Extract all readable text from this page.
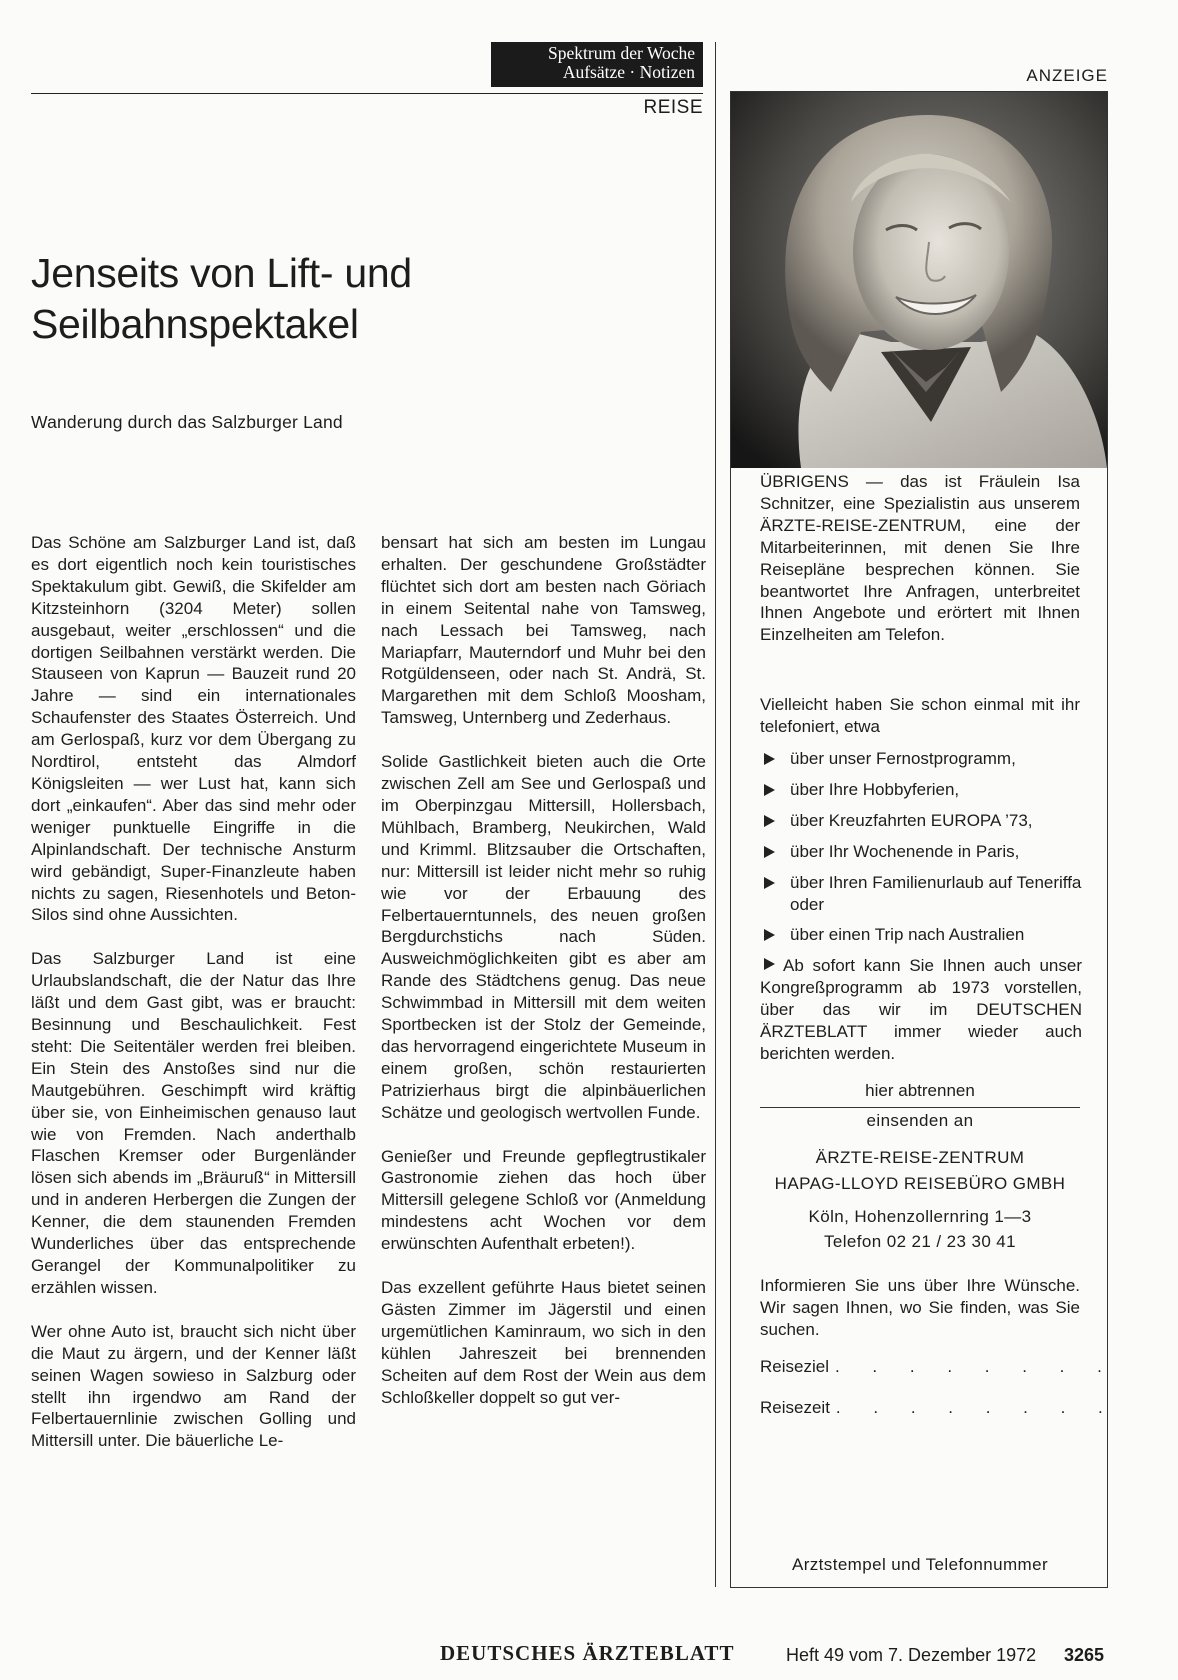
Spektrum der Woche
Aufsätze · Notizen
REISE
ANZEIGE
Jenseits von Lift- und
Seilbahnspektakel
Wanderung durch das Salzburger Land

Das Schöne am Salzburger Land ist, daß es dort eigentlich noch kein touristisches Spektakulum gibt. Gewiß, die Skifelder am Kitzsteinhorn (3204 Meter) sollen ausgebaut, weiter „erschlossen“ und die dortigen Seilbahnen verstärkt werden. Die Stauseen von Kaprun — Bauzeit rund 20 Jahre — sind ein internationales Schaufenster des Staates Österreich. Und am Gerlospaß, kurz vor dem Übergang zu Nordtirol, entsteht das Almdorf Königsleiten — wer Lust hat, kann sich dort „einkaufen“. Aber das sind mehr oder weniger punktuelle Eingriffe in die Alpinlandschaft. Der technische Ansturm wird gebändigt, Super-Finanzleute haben nichts zu sagen, Riesenhotels und Beton-Silos sind ohne Aussichten.

Das Salzburger Land ist eine Urlaubslandschaft, die der Natur das Ihre läßt und dem Gast gibt, was er braucht: Besinnung und Beschaulichkeit. Fest steht: Die Seitentäler werden frei bleiben. Ein Stein des Anstoßes sind nur die Mautgebühren. Geschimpft wird kräftig über sie, von Einheimischen genauso laut wie von Fremden. Nach anderthalb Flaschen Kremser oder Burgenländer lösen sich abends im „Bräuruß“ in Mittersill und in anderen Herbergen die Zungen der Kenner, die dem staunenden Fremden Wunderliches über das entsprechende Gerangel der Kommunalpolitiker zu erzählen wissen.

Wer ohne Auto ist, braucht sich nicht über die Maut zu ärgern, und der Kenner läßt seinen Wagen sowieso in Salzburg oder stellt ihn irgendwo am Rand der Felbertauernlinie zwischen Golling und Mittersill unter. Die bäuerliche Le-

bensart hat sich am besten im Lungau erhalten. Der geschundene Großstädter flüchtet sich dort am besten nach Göriach in einem Seitental nahe von Tamsweg, nach Lessach bei Tamsweg, nach Mariapfarr, Mauterndorf und Muhr bei den Rotgüldenseen, oder nach St. Andrä, St. Margarethen mit dem Schloß Moosham, Tamsweg, Unternberg und Zederhaus.

Solide Gastlichkeit bieten auch die Orte zwischen Zell am See und Gerlospaß und im Oberpinzgau Mittersill, Hollersbach, Mühlbach, Bramberg, Neukirchen, Wald und Krimml. Blitzsauber die Ortschaften, nur: Mittersill ist leider nicht mehr so ruhig wie vor der Erbauung des Felbertauerntunnels, des neuen großen Bergdurchstichs nach Süden. Ausweichmöglichkeiten gibt es aber am Rande des Städtchens genug. Das neue Schwimmbad in Mittersill mit dem weiten Sportbecken ist der Stolz der Gemeinde, das hervorragend eingerichtete Museum in einem großen, schön restaurierten Patrizierhaus birgt die alpinbäuerlichen Schätze und geologisch wertvollen Funde.

Genießer und Freunde gepflegtrustikaler Gastronomie ziehen das hoch über Mittersill gelegene Schloß vor (Anmeldung mindestens acht Wochen vor dem erwünschten Aufenthalt erbeten!).

Das exzellent geführte Haus bietet seinen Gästen Zimmer im Jägerstil und einen urgemütlichen Kaminraum, wo sich in den kühlen Jahreszeit bei brennenden Scheiten auf dem Rost der Wein aus dem Schloßkeller doppelt so gut ver-

ÜBRIGENS — das ist Fräulein Isa Schnitzer, eine Spezialistin aus unserem ÄRZTE-REISE-ZENTRUM, eine der Mitarbeiterinnen, mit denen Sie Ihre Reisepläne besprechen können. Sie beantwortet Ihre Anfragen, unterbreitet Ihnen Angebote und erörtert mit Ihnen Einzelheiten am Telefon.
Vielleicht haben Sie schon einmal mit ihr telefoniert, etwa
über unser Fernostprogramm,
über Ihre Hobbyferien,
über Kreuzfahrten EUROPA ’73,
über Ihr Wochenende in Paris,
über Ihren Familienurlaub auf Teneriffa oder
über einen Trip nach Australien
Ab sofort kann Sie Ihnen auch unser Kongreßprogramm ab 1973 vorstellen, über das wir im DEUTSCHEN ÄRZTEBLATT immer wieder auch berichten werden.
hier abtrennen
einsenden an
ÄRZTE-REISE-ZENTRUM
HAPAG-LLOYD REISEBÜRO GMBH
Köln, Hohenzollernring 1—3
Telefon 02 21 / 23 30 41
Informieren Sie uns über Ihre Wünsche. Wir sagen Ihnen, wo Sie finden, was Sie suchen.
Reiseziel . . . . . . . .
Reisezeit . . . . . . . .
Arztstempel und Telefonnummer
DEUTSCHES ÄRZTEBLATT	Heft 49 vom 7. Dezember 1972 3265
